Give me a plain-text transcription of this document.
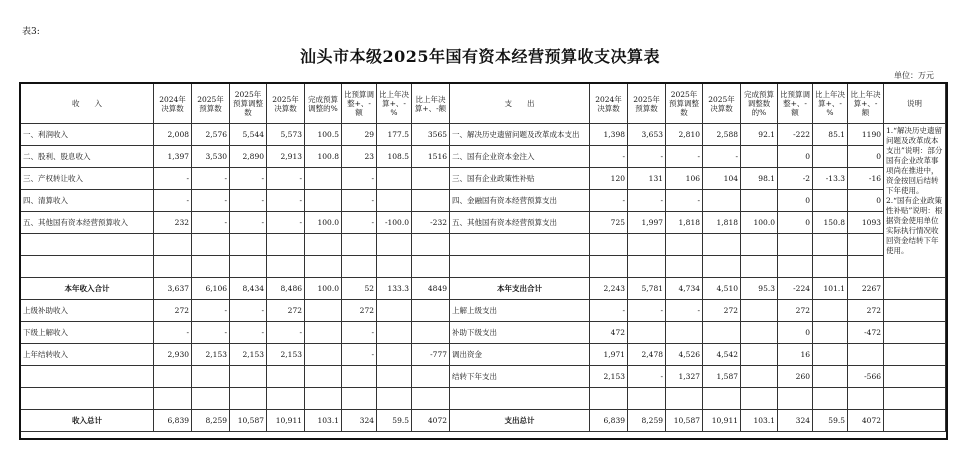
表3:
汕头市本级2025年国有资本经营预算收支决算表
单位：万元
收　　入	2024年决算数	2025年预算数	2025年预算调整数	2025年决算数	完成预算调整的%	比预算调整+、-额	比上年决算+、-%	比上年决算+、-额	支　　出	2024年决算数	2025年预算数	2025年预算调整数	2025年决算数	完成预算调整数的%	比预算调整+、-额	比上年决算+、-%	比上年决算+、-额	说明
一、利润收入	2,008	2,576	5,544	5,573	100.5	29	177.5	3565	一、解决历史遗留问题及改革成本支出	1,398	3,653	2,810	2,588	92.1	-222	85.1	1190	1.“解决历史遗留问题及改革成本支出”说明：部分国有企业改革事项尚在推进中，资金按回后结转下年使用。 2.“国有企业政策性补贴”说明：根据资金使用单位实际执行情况收回资金结转下年使用。
二、股利、股息收入	1,397	3,530	2,890	2,913	100.8	23	108.5	1516	二、国有企业资本金注入	-	-	-	-		0		0	
三、产权转让收入	-	-	-	-		-			三、国有企业政策性补贴	120	131	106	104	98.1	-2	-13.3	-16	
四、清算收入	-	-	-	-		-			四、金融国有资本经营预算支出	-	-	-			0		0	
五、其他国有资本经营预算收入	232	-	-	-	100.0	-	-100.0	-232	五、其他国有资本经营预算支出	725	1,997	1,818	1,818	100.0	0	150.8	1093	

本年收入合计	3,637	6,106	8,434	8,486	100.0	52	133.3	4849	本年支出合计	2,243	5,781	4,734	4,510	95.3	-224	101.1	2267	
上级补助收入	272	-	-	272		272			上解上级支出	-	-	-	272		272		272	
下级上解收入	-	-	-	-		-			补助下级支出	472					0		-472	
上年结转收入	2,930	2,153	2,153	2,153		-		-777	调出资金	1,971	2,478	4,526	4,542		16			
									结转下年支出	2,153	-	1,327	1,587		260		-566	

收入总计	6,839	8,259	10,587	10,911	103.1	324	59.5	4072	支出总计	6,839	8,259	10,587	10,911	103.1	324	59.5	4072	
